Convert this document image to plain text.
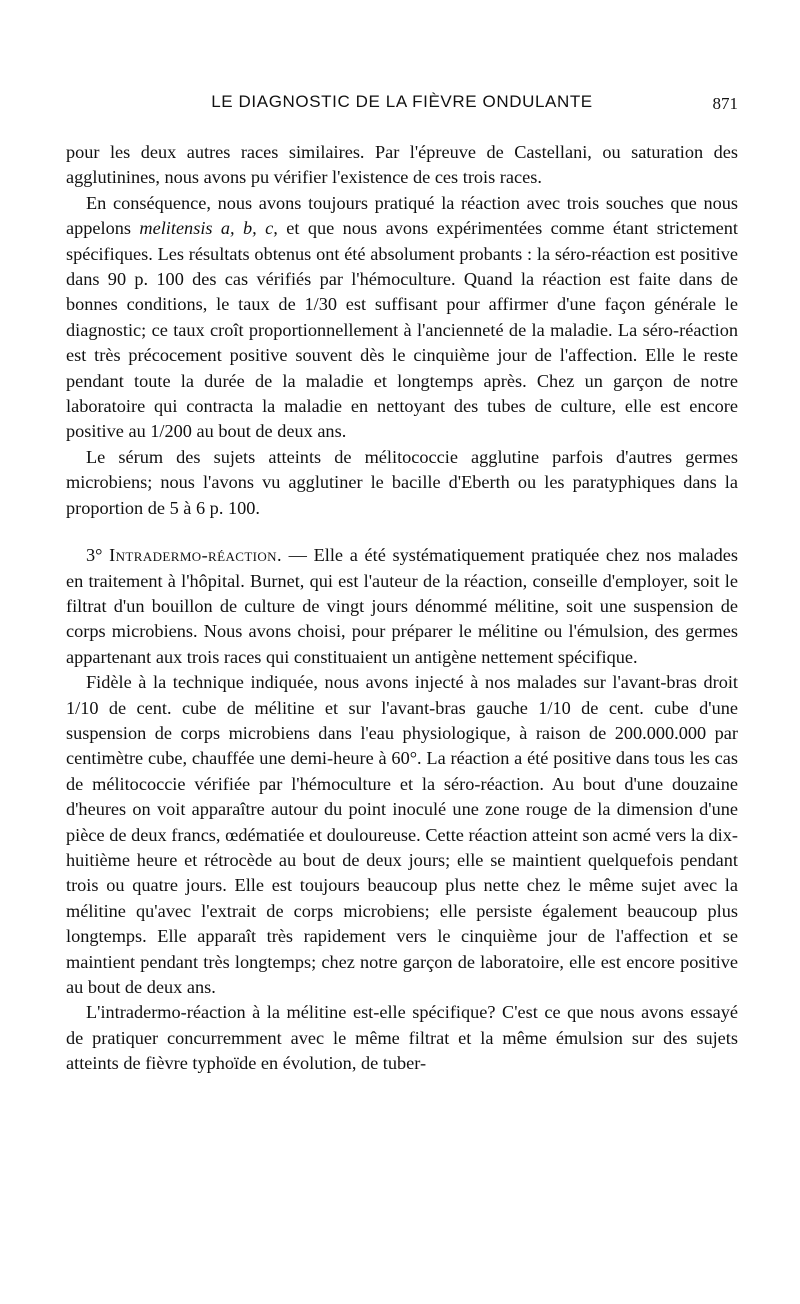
LE DIAGNOSTIC DE LA FIÈVRE ONDULANTE	871

pour les deux autres races similaires. Par l'épreuve de Castellani, ou saturation des agglutinines, nous avons pu vérifier l'existence de ces trois races.

En conséquence, nous avons toujours pratiqué la réaction avec trois souches que nous appelons melitensis a, b, c, et que nous avons expérimentées comme étant strictement spécifiques. Les résultats obtenus ont été absolument probants : la séro-réaction est positive dans 90 p. 100 des cas vérifiés par l'hémoculture. Quand la réaction est faite dans de bonnes conditions, le taux de 1/30 est suffisant pour affirmer d'une façon générale le diagnostic; ce taux croît proportionnellement à l'ancienneté de la maladie. La séro-réaction est très précocement positive souvent dès le cinquième jour de l'affection. Elle le reste pendant toute la durée de la maladie et longtemps après. Chez un garçon de notre laboratoire qui contracta la maladie en nettoyant des tubes de culture, elle est encore positive au 1/200 au bout de deux ans.

Le sérum des sujets atteints de mélitococcie agglutine parfois d'autres germes microbiens; nous l'avons vu agglutiner le bacille d'Eberth ou les paratyphiques dans la proportion de 5 à 6 p. 100.

3° Intradermo-réaction. — Elle a été systématiquement pratiquée chez nos malades en traitement à l'hôpital. Burnet, qui est l'auteur de la réaction, conseille d'employer, soit le filtrat d'un bouillon de culture de vingt jours dénommé mélitine, soit une suspension de corps microbiens. Nous avons choisi, pour préparer le mélitine ou l'émulsion, des germes appartenant aux trois races qui constituaient un antigène nettement spécifique.

Fidèle à la technique indiquée, nous avons injecté à nos malades sur l'avant-bras droit 1/10 de cent. cube de mélitine et sur l'avant-bras gauche 1/10 de cent. cube d'une suspension de corps microbiens dans l'eau physiologique, à raison de 200.000.000 par centimètre cube, chauffée une demi-heure à 60°. La réaction a été positive dans tous les cas de mélitococcie vérifiée par l'hémoculture et la séro-réaction. Au bout d'une douzaine d'heures on voit apparaître autour du point inoculé une zone rouge de la dimension d'une pièce de deux francs, œdématiée et douloureuse. Cette réaction atteint son acmé vers la dix-huitième heure et rétrocède au bout de deux jours; elle se maintient quelquefois pendant trois ou quatre jours. Elle est toujours beaucoup plus nette chez le même sujet avec la mélitine qu'avec l'extrait de corps microbiens; elle persiste également beaucoup plus longtemps. Elle apparaît très rapidement vers le cinquième jour de l'affection et se maintient pendant très longtemps; chez notre garçon de laboratoire, elle est encore positive au bout de deux ans.

L'intradermo-réaction à la mélitine est-elle spécifique? C'est ce que nous avons essayé de pratiquer concurremment avec le même filtrat et la même émulsion sur des sujets atteints de fièvre typhoïde en évolution, de tuber-
